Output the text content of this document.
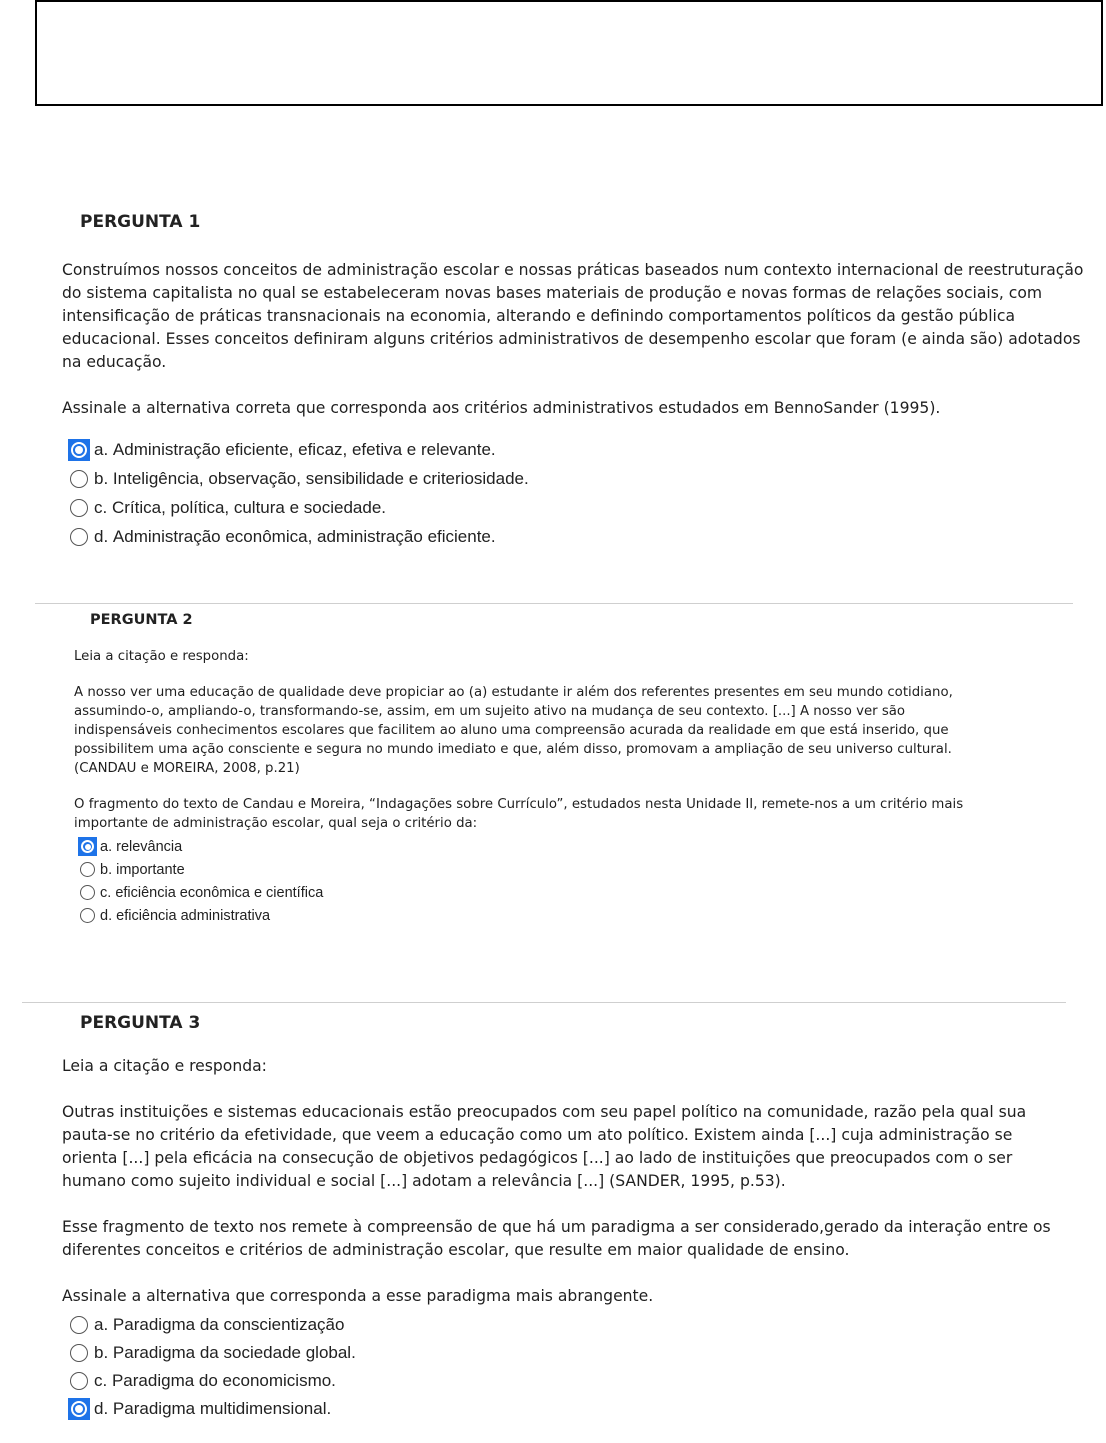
PERGUNTA 1

Construímos nossos conceitos de administração escolar e nossas práticas baseados num contexto internacional de reestruturação do sistema capitalista no qual se estabeleceram novas bases materiais de produção e novas formas de relações sociais, com intensificação de práticas transnacionais na economia, alterando e definindo comportamentos políticos da gestão pública educacional. Esses conceitos definiram alguns critérios administrativos de desempenho escolar que foram (e ainda são) adotados na educação.

Assinale a alternativa correta que corresponda aos critérios administrativos estudados em BennoSander (1995).

a.
Administração eficiente, eficaz, efetiva e relevante.
b.
Inteligência, observação, sensibilidade e criteriosidade.
c.
Crítica, política, cultura e sociedade.
d.
Administração econômica, administração eficiente.
PERGUNTA 2

Leia a citação e responda:

A nosso ver uma educação de qualidade deve propiciar ao (a) estudante ir além dos referentes presentes em seu mundo cotidiano, assumindo-o, ampliando-o, transformando-se, assim, em um sujeito ativo na mudança de seu contexto. [...] A nosso ver são indispensáveis conhecimentos escolares que facilitem ao aluno uma compreensão acurada da realidade em que está inserido, que possibilitem uma ação consciente e segura no mundo imediato e que, além disso, promovam a ampliação de seu universo cultural. (CANDAU e MOREIRA, 2008, p.21)

O fragmento do texto de Candau e Moreira, “Indagações sobre Currículo”, estudados nesta Unidade II, remete-nos a um critério mais importante de administração escolar, qual seja o critério da:

a.
relevância
b.
importante
c.
eficiência econômica e científica
d.
eficiência administrativa
PERGUNTA 3

Leia a citação e responda:

Outras instituições e sistemas educacionais estão preocupados com seu papel político na comunidade, razão pela qual sua pauta-se no critério da efetividade, que veem a educação como um ato político. Existem ainda [...] cuja administração se orienta [...] pela eficácia na consecução de objetivos pedagógicos [...] ao lado de instituições que preocupados com o ser humano como sujeito individual e social [...] adotam a relevância [...] (SANDER, 1995, p.53).

Esse fragmento de texto nos remete à compreensão de que há um paradigma a ser considerado,gerado da interação entre os diferentes conceitos e critérios de administração escolar, que resulte em maior qualidade de ensino.

Assinale a alternativa que corresponda a esse paradigma mais abrangente.

a.
Paradigma da conscientização
b.
Paradigma da sociedade global.
c.
Paradigma do economicismo.
d.
Paradigma multidimensional.
